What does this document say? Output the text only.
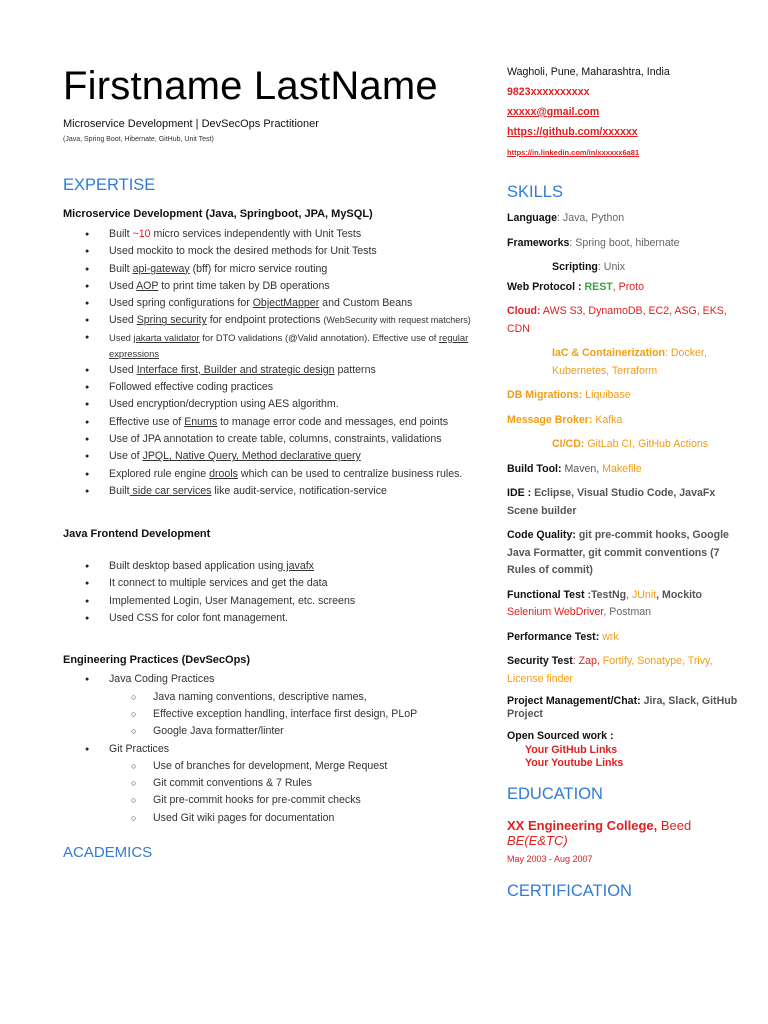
Firstname LastName
Microservice Development | DevSecOps Practitioner
(Java, Spring Boot, Hibernate, GitHub, Unit Test)
EXPERTISE
Microservice Development (Java, Springboot, JPA, MySQL)
● Built ~10 micro services independently with Unit Tests
● Used mockito to mock the desired methods for Unit Tests
● Built api-gateway (bff) for micro service routing
● Used AOP to print time taken by DB operations
● Used spring configurations for ObjectMapper and Custom Beans
● Used Spring security for endpoint protections (WebSecurity with request matchers)
● Used jakarta validator for DTO validations (@Valid annotation). Effective use of regular expressions
● Used Interface first, Builder and strategic design patterns
● Followed effective coding practices
● Used encryption/decryption using AES algorithm.
● Effective use of Enums to manage error code and messages, end points
● Use of JPA annotation to create table, columns, constraints, validations
● Use of JPQL, Native Query, Method declarative query
● Explored rule engine drools which can be used to centralize business rules.
● Built side car services like audit-service, notification-service
Java Frontend Development
● Built desktop based application using javafx
● It connect to multiple services and get the data
● Implemented Login, User Management, etc. screens
● Used CSS for color font management.
Engineering Practices (DevSecOps)
● Java Coding Practices
○ Java naming conventions, descriptive names,
○ Effective exception handling, interface first design, PLoP
○ Google Java formatter/linter
● Git Practices
○ Use of branches for development, Merge Request
○ Git commit conventions & 7 Rules
○ Git pre-commit hooks for pre-commit checks
○ Used Git wiki pages for documentation
ACADEMICS
Wagholi, Pune, Maharashtra, India
9823xxxxxxxxxx
xxxxx@gmail.com
https://github.com/xxxxxx
https://in.linkedin.com/in/xxxxxx6a81
SKILLS
Language: Java, Python
Frameworks: Spring boot, hibernate
Scripting: Unix
Web Protocol : REST, Proto
Cloud: AWS S3, DynamoDB, EC2, ASG, EKS, CDN
IaC & Containerization: Docker, Kubernetes, Terraform
DB Migrations: Liquibase
Message Broker: Kafka
CI/CD: GitLab CI, GitHub Actions
Build Tool: Maven, Makefile
IDE : Eclipse, Visual Studio Code, JavaFx Scene builder
Code Quality: git pre-commit hooks, Google Java Formatter, git commit conventions (7 Rules of commit)
Functional Test :TestNg, JUnit, Mockito
Selenium WebDriver, Postman
Performance Test: wrk
Security Test: Zap, Fortify, Sonatype, Trivy, License finder
Project Management/Chat: Jira, Slack, GitHub Project
Open Sourced work :
Your GitHub Links
Your Youtube Links
EDUCATION
XX Engineering College, Beed
BE(E&TC)
May 2003 - Aug 2007
CERTIFICATION
